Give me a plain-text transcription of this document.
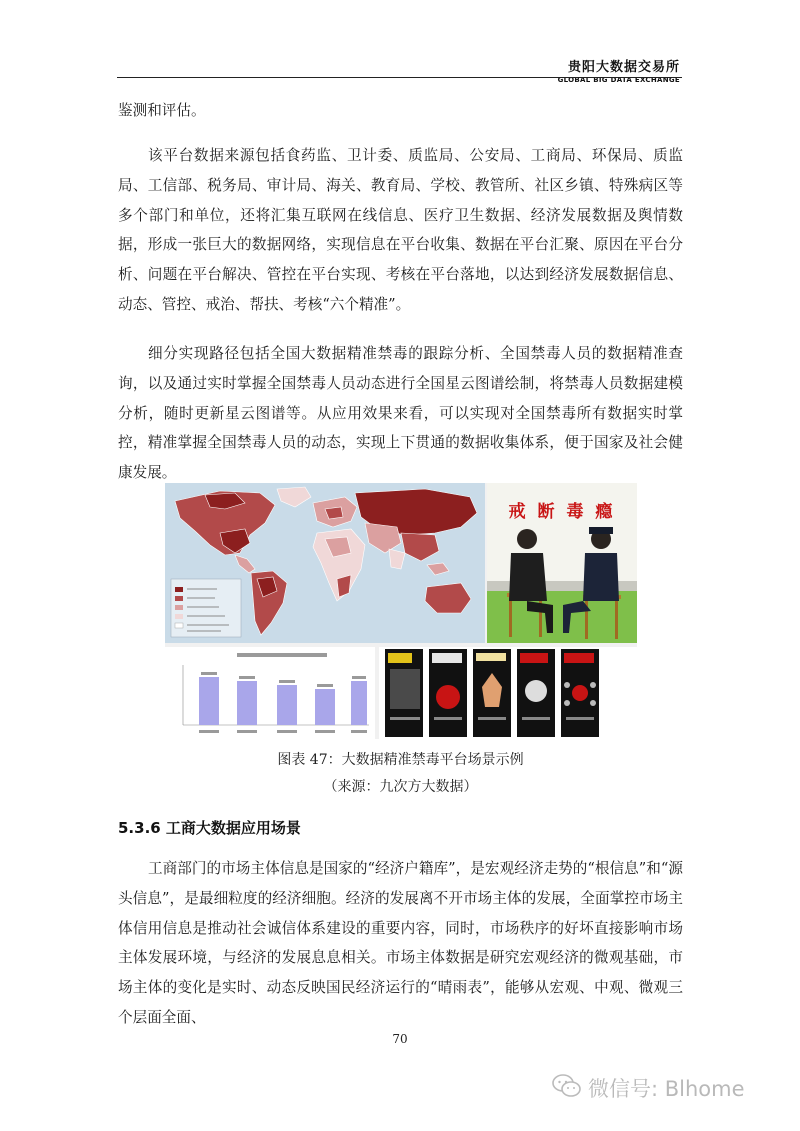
贵阳大数据交易所
GLOBAL BIG DATA EXCHANGE

鉴测和评估。

该平台数据来源包括食药监、卫计委、质监局、公安局、工商局、环保局、质监局、工信部、税务局、审计局、海关、教育局、学校、教管所、社区乡镇、特殊病区等多个部门和单位，还将汇集互联网在线信息、医疗卫生数据、经济发展数据及舆情数据，形成一张巨大的数据网络，实现信息在平台收集、数据在平台汇聚、原因在平台分析、问题在平台解决、管控在平台实现、考核在平台落地，以达到经济发展数据信息、动态、管控、戒治、帮扶、考核“六个精准”。

细分实现路径包括全国大数据精准禁毒的跟踪分析、全国禁毒人员的数据精准查询，以及通过实时掌握全国禁毒人员动态进行全国星云图谱绘制，将禁毒人员数据建模分析，随时更新星云图谱等。从应用效果来看，可以实现对全国禁毒所有数据实时掌控，精准掌握全国禁毒人员的动态，实现上下贯通的数据收集体系，便于国家及社会健康发展。

戒 断 毒 瘾
图表 47：大数据精准禁毒平台场景示例
（来源：九次方大数据）
5.3.6 工商大数据应用场景

工商部门的市场主体信息是国家的“经济户籍库”，是宏观经济走势的“根信息”和“源头信息”，是最细粒度的经济细胞。经济的发展离不开市场主体的发展，全面掌控市场主体信用信息是推动社会诚信体系建设的重要内容，同时，市场秩序的好坏直接影响市场主体发展环境，与经济的发展息息相关。市场主体数据是研究宏观经济的微观基础，市场主体的变化是实时、动态反映国民经济运行的“晴雨表”，能够从宏观、中观、微观三个层面全面、

70
微信号: Blhome
